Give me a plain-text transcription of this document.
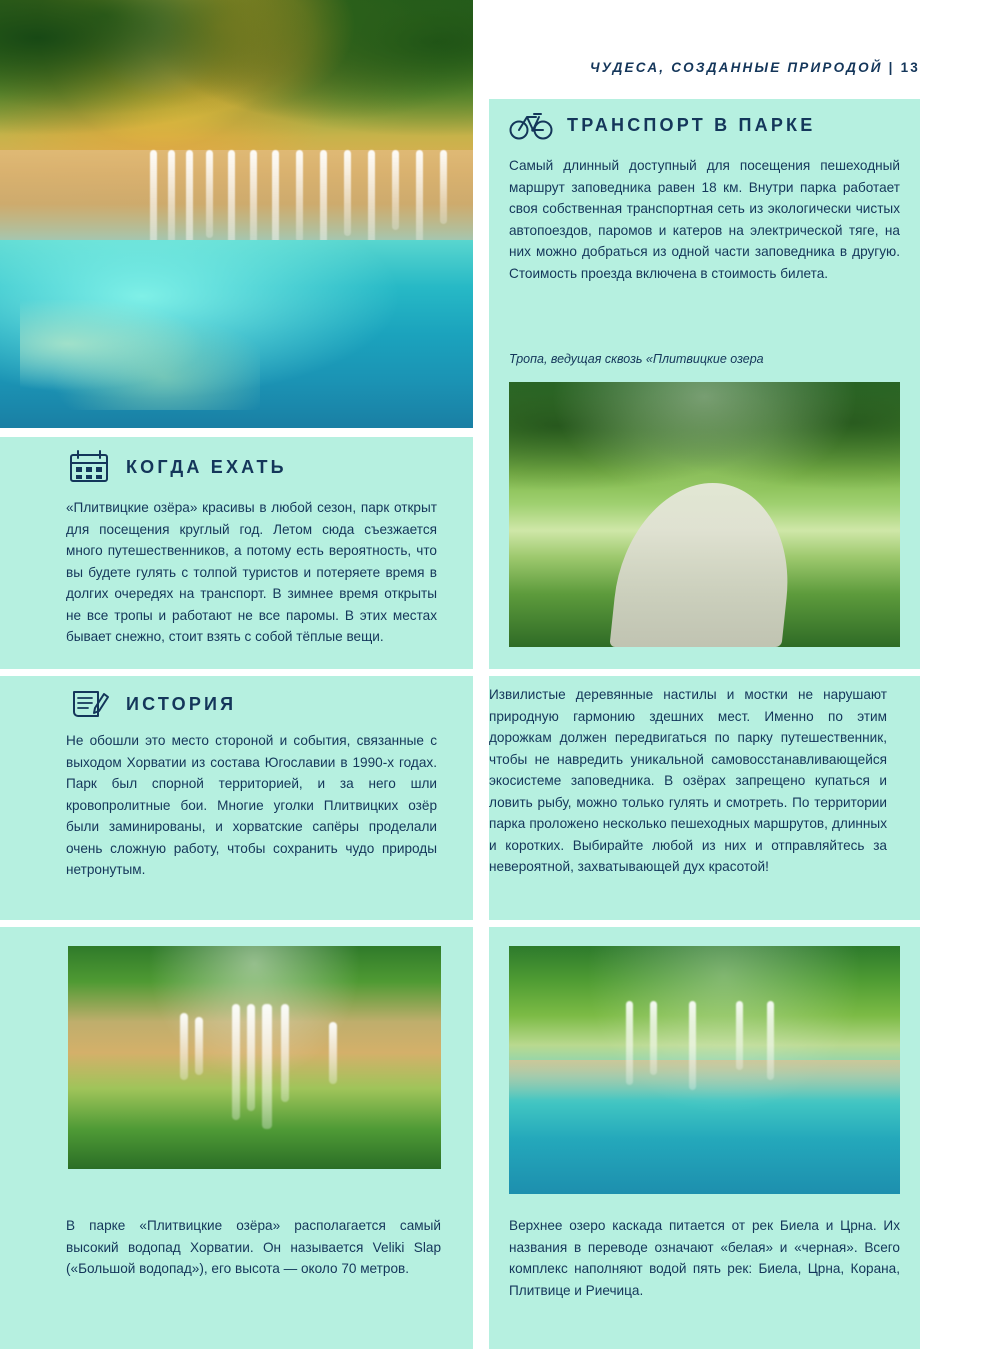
ЧУДЕСА, СОЗДАННЫЕ ПРИРОДОЙ | 13
ТРАНСПОРТ В ПАРКЕ

Самый длинный доступный для посещения пешеходный маршрут заповедника равен 18 км. Внутри парка работает своя собственная транспортная сеть из экологически чистых автопоездов, паромов и катеров на электрической тяге, на них можно добраться из одной части заповедника в другую. Стоимость проезда включена в стоимость билета.

Тропа, ведущая сквозь «Плитвицкие озера
КОГДА ЕХАТЬ

«Плитвицкие озёра» красивы в любой сезон, парк открыт для посещения круглый год. Летом сюда съезжается много путешественников, а потому есть вероятность, что вы будете гулять с толпой туристов и потеряете время в долгих очередях на транспорт. В зимнее время открыты не все тропы и работают не все паромы. В этих местах бывает снежно, стоит взять с собой тёплые вещи.

ИСТОРИЯ

Не обошли это место стороной и события, связанные с выходом Хорватии из состава Югославии в 1990-х годах. Парк был спорной территорией, и за него шли кровопролитные бои. Многие уголки Плитвицких озёр были заминированы, и хорватские сапёры проделали очень сложную работу, чтобы сохранить чудо природы нетронутым.

Извилистые деревянные настилы и мостки не нарушают природную гармонию здешних мест. Именно по этим дорожкам должен передвигаться по парку путешественник, чтобы не навредить уникальной самовосстанавливающейся экосистеме заповедника. В озёрах запрещено купаться и ловить рыбу, можно только гулять и смотреть. По территории парка проложено несколько пешеходных маршрутов, длинных и коротких. Выбирайте любой из них и отправляйтесь за невероятной, захватывающей дух красотой!

В парке «Плитвицкие озёра» располагается самый высокий водопад Хорватии. Он называется Veliki Slap («Большой водопад»), его высота — около 70 метров.

Верхнее озеро каскада питается от рек Биела и Црна. Их названия в переводе означают «белая» и «черная». Всего комплекс наполняют водой пять рек: Биела, Црна, Корана, Плитвице и Риечица.
